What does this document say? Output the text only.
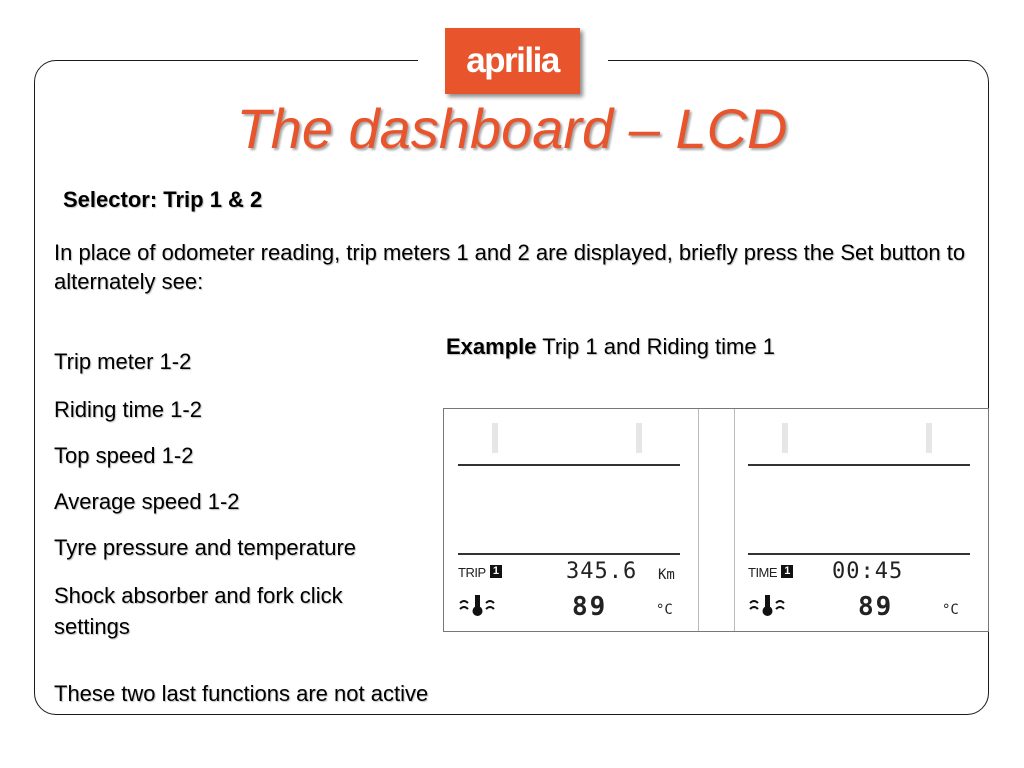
aprilia
The dashboard – LCD
Selector: Trip 1 & 2
In place of odometer reading, trip meters 1 and 2 are displayed, briefly press the Set button to alternately see:
Example Trip 1 and Riding time 1
Trip meter 1-2
Riding time 1-2
Top speed 1-2
Average speed 1-2
Tyre pressure and temperature
Shock absorber and fork click settings
These two last functions are not active
TRIP 1	345.6 Km
89	°C
TIME 1 00:45
89	°C
